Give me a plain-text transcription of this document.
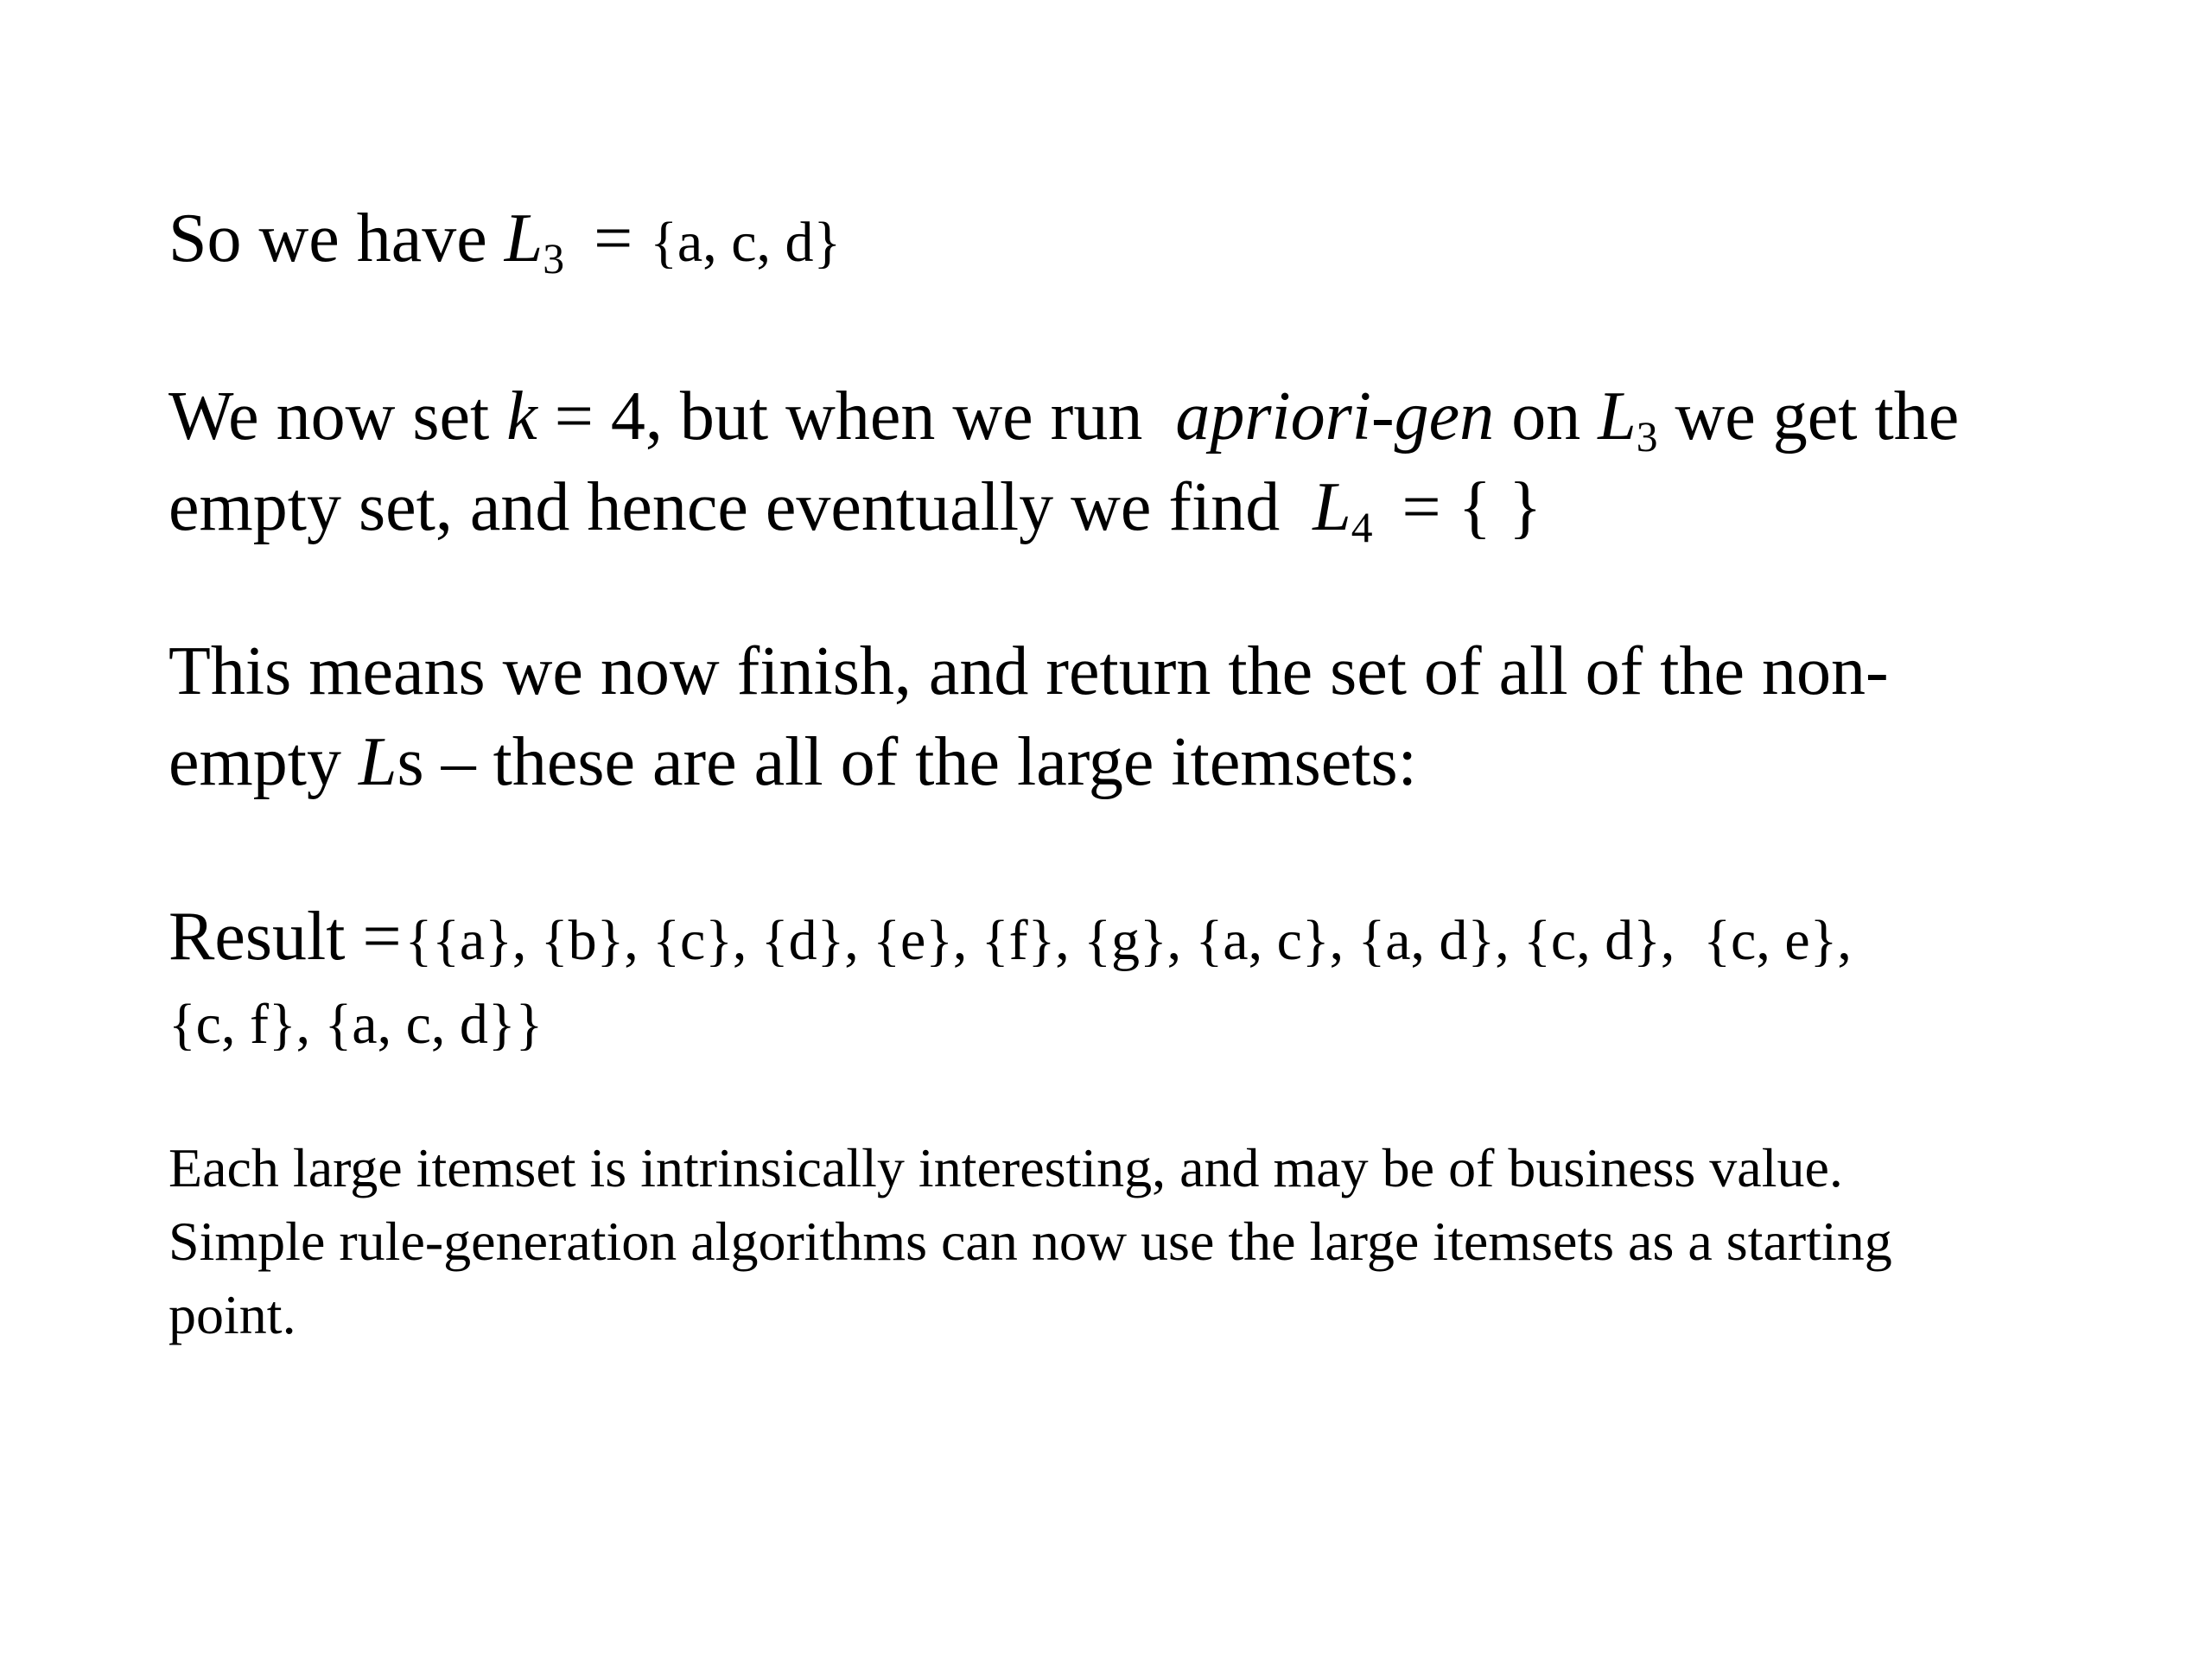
So we have $L_3 = \{a$, c, d}
We now set k = 4, but when we run apriori-gen on $L_3$ we get the
empty set, and hence eventually we find $L_4$ = { }
This means we now finish, and return the set of all of the non-
empty Ls – these are all of the large itemsets:
Result = {{a}, {b}, {c}, {d}, {e}, {f}, {g}, {a, c}, {a, d}, {c, d},  {c, e},
{c, f}, {a, c, d}}
Each large itemset is intrinsically interesting, and may be of business value.
Simple rule-generation algorithms can now use the large itemsets as a starting
point.
